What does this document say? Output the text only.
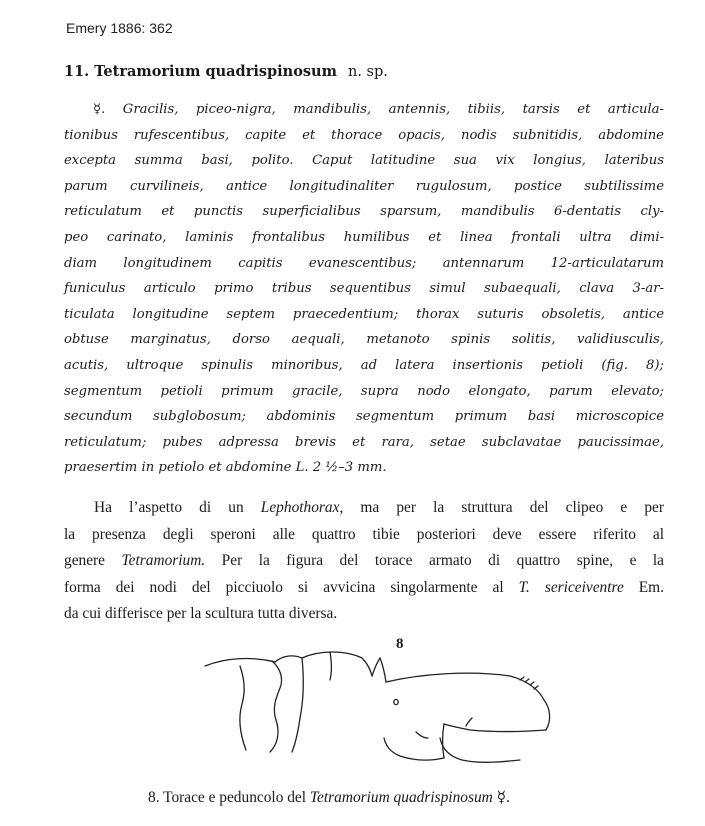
Emery 1886: 362
11. Tetramorium quadrispinosum n. sp.
☿. Gracilis, piceo-nigra, mandibulis, antennis, tibiis, tarsis et articula-
tionibus rufescentibus, capite et thorace opacis, nodis subnitidis, abdomine
excepta summa basi, polito. Caput latitudine sua vix longius, lateribus
parum curvilineis, antice longitudinaliter rugulosum, postice subtilissime
reticulatum et punctis superficialibus sparsum, mandibulis 6-dentatis cly-
peo carinato, laminis frontalibus humilibus et linea frontali ultra dimi-
diam longitudinem capitis evanescentibus; antennarum 12-articulatarum
funiculus articulo primo tribus sequentibus simul subaequali, clava 3-ar-
ticulata longitudine septem praecedentium; thorax suturis obsoletis, antice
obtuse marginatus, dorso aequali, metanoto spinis solitis, validiusculis,
acutis, ultroque spinulis minoribus, ad latera insertionis petioli (fig. 8);
segmentum petioli primum gracile, supra nodo elongato, parum elevato;
secundum subglobosum; abdominis segmentum primum basi microscopice
reticulatum; pubes adpressa brevis et rara, setae subclavatae paucissimae,
praesertim in petiolo et abdomine L. 2 ½–3 mm.
Ha l’aspetto di un Lephothorax, ma per la struttura del clipeo e per
la presenza degli speroni alle quattro tibie posteriori deve essere riferito al
genere Tetramorium. Per la figura del torace armato di quattro spine, e la
forma dei nodi del picciuolo si avvicina singolarmente al T. sericeiventre Em.
da cui differisce per la scultura tutta diversa.
8
8. Torace e peduncolo del Tetramorium quadrispinosum ☿.
